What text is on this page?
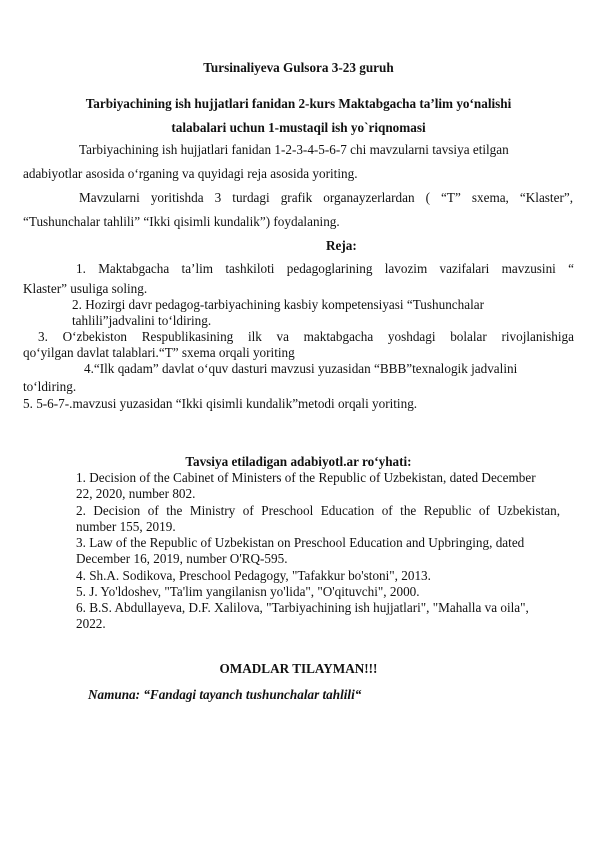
Tursinaliyeva Gulsora 3-23 guruh
Tarbiyachining ish hujjatlari fanidan 2-kurs Maktabgacha ta’lim yo‘nalishi
talabalari uchun 1-mustaqil ish yo`riqnomasi
Tarbiyachining ish hujjatlari fanidan 1-2-3-4-5-6-7 chi mavzularni tavsiya etilgan
adabiyotlar asosida o‘rganing va quyidagi reja asosida yoriting.
Mavzularni yoritishda 3 turdagi grafik organayzerlardan ( “T” sxema, “Klaster”,
“Tushunchalar tahlili” “Ikki qisimli kundalik”) foydalaning.
Reja:
1. Maktabgacha ta’lim tashkiloti pedagoglarining lavozim vazifalari mavzusini “
Klaster” usuliga soling.
2. Hozirgi davr pedagog-tarbiyachining kasbiy kompetensiyasi “Tushunchalar
tahlili”jadvalini to‘ldiring.
3. O‘zbekiston Respublikasining ilk va maktabgacha yoshdagi bolalar rivojlanishiga
qo‘yilgan davlat talablari.“T” sxema orqali yoriting
4.“Ilk qadam” davlat o‘quv dasturi mavzusi yuzasidan “BBB”texnalogik jadvalini
to‘ldiring.
5. 5-6-7-.mavzusi yuzasidan “Ikki qisimli kundalik”metodi orqali yoriting.
Tavsiya etiladigan adabiyotl.ar ro‘yhati:
1. Decision of the Cabinet of Ministers of the Republic of Uzbekistan, dated December
22, 2020, number 802.
2. Decision of the Ministry of Preschool Education of the Republic of Uzbekistan,
number 155, 2019.
3. Law of the Republic of Uzbekistan on Preschool Education and Upbringing, dated
December 16, 2019, number O'RQ-595.
4. Sh.A. Sodikova, Preschool Pedagogy, "Tafakkur bo'stoni", 2013.
5. J. Yo'ldoshev, "Ta'lim yangilanisn yo'lida", "O'qituvchi", 2000.
6. B.S. Abdullayeva, D.F. Xalilova, "Tarbiyachining ish hujjatlari", "Mahalla va oila",
2022.
OMADLAR TILAYMAN!!!
Namuna: “Fandagi tayanch tushunchalar tahlili“
